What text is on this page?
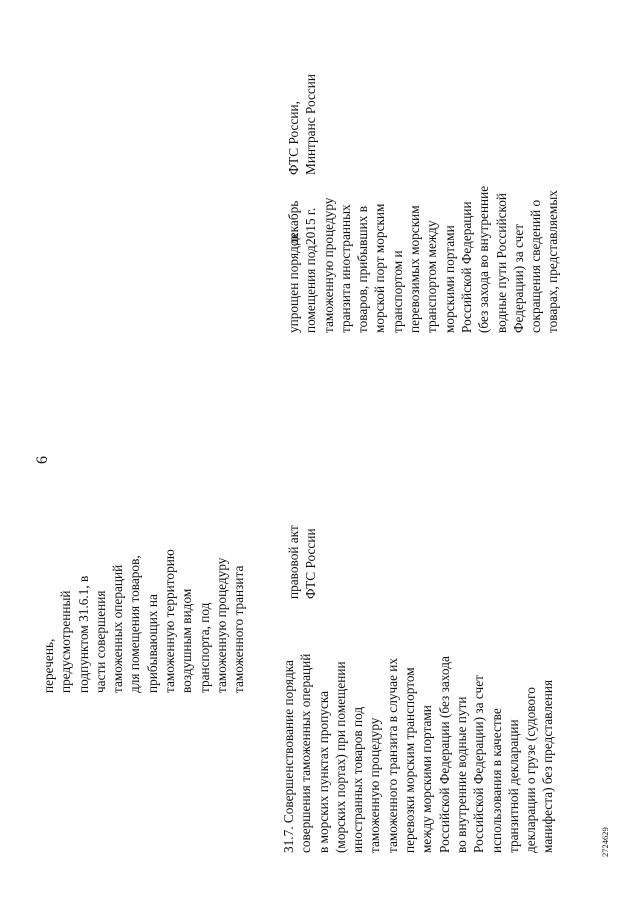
6
перечень,
предусмотренный
подпунктом 31.6.1, в
части совершения
таможенных операций
для помещения товаров,
прибывающих на
таможенную территорию
воздушным видом
транспорта, под
таможенную процедуру
таможенного транзита
31.7. Совершенствование порядка
совершения таможенных операций
в морских пунктах пропуска
(морских портах) при помещении
иностранных товаров под
таможенную процедуру
таможенного транзита в случае их
перевозки морским транспортом
между морскими портами
Российской Федерации (без захода
во внутренние водные пути
Российской Федерации) за счет
использования в качестве
транзитной декларации
декларации о грузе (судового
манифеста) без представления
правовой акт
ФТС России
упрощен порядок
помещения под
таможенную процедуру
транзита иностранных
товаров, прибывших в
морской порт морским
транспортом и
перевозимых морским
транспортом между
морскими портами
Российской Федерации
(без захода во внутренние
водные пути Российской
Федерации) за счет
сокращения сведений о
товарах, представляемых
декабрь
2015 г.
ФТС России,
Минтранс России
2724629
